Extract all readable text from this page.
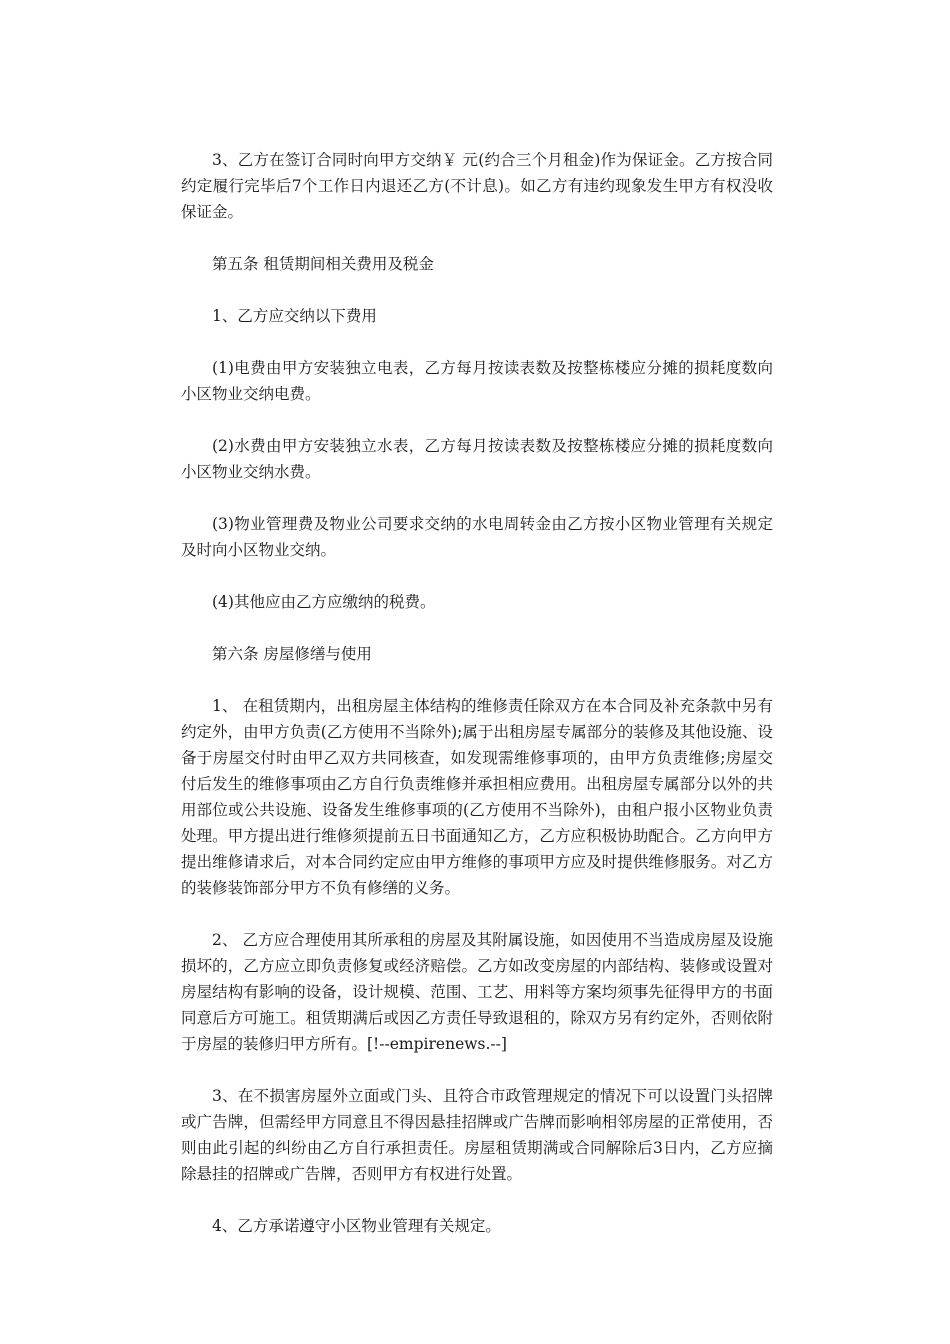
3、乙方在签订合同时向甲方交纳￥ 元(约合三个月租金)作为保证金。乙方按合同约定履行完毕后7个工作日内退还乙方(不计息)。如乙方有违约现象发生甲方有权没收保证金。

第五条 租赁期间相关费用及税金

1、乙方应交纳以下费用

(1)电费由甲方安装独立电表，乙方每月按读表数及按整栋楼应分摊的损耗度数向小区物业交纳电费。

(2)水费由甲方安装独立水表，乙方每月按读表数及按整栋楼应分摊的损耗度数向小区物业交纳水费。

(3)物业管理费及物业公司要求交纳的水电周转金由乙方按小区物业管理有关规定及时向小区物业交纳。

(4)其他应由乙方应缴纳的税费。

第六条 房屋修缮与使用

1、 在租赁期内，出租房屋主体结构的维修责任除双方在本合同及补充条款中另有约定外，由甲方负责(乙方使用不当除外);属于出租房屋专属部分的装修及其他设施、设备于房屋交付时由甲乙双方共同核查，如发现需维修事项的，由甲方负责维修;房屋交付后发生的维修事项由乙方自行负责维修并承担相应费用。出租房屋专属部分以外的共用部位或公共设施、设备发生维修事项的(乙方使用不当除外)，由租户报小区物业负责处理。甲方提出进行维修须提前五日书面通知乙方，乙方应积极协助配合。乙方向甲方提出维修请求后，对本合同约定应由甲方维修的事项甲方应及时提供维修服务。对乙方的装修装饰部分甲方不负有修缮的义务。

2、 乙方应合理使用其所承租的房屋及其附属设施，如因使用不当造成房屋及设施损坏的，乙方应立即负责修复或经济赔偿。乙方如改变房屋的内部结构、装修或设置对房屋结构有影响的设备，设计规模、范围、工艺、用料等方案均须事先征得甲方的书面同意后方可施工。租赁期满后或因乙方责任导致退租的，除双方另有约定外，否则依附于房屋的装修归甲方所有。[!--empirenews.--]

3、在不损害房屋外立面或门头、且符合市政管理规定的情况下可以设置门头招牌或广告牌，但需经甲方同意且不得因悬挂招牌或广告牌而影响相邻房屋的正常使用，否则由此引起的纠纷由乙方自行承担责任。房屋租赁期满或合同解除后3日内，乙方应摘除悬挂的招牌或广告牌，否则甲方有权进行处置。

4、乙方承诺遵守小区物业管理有关规定。
